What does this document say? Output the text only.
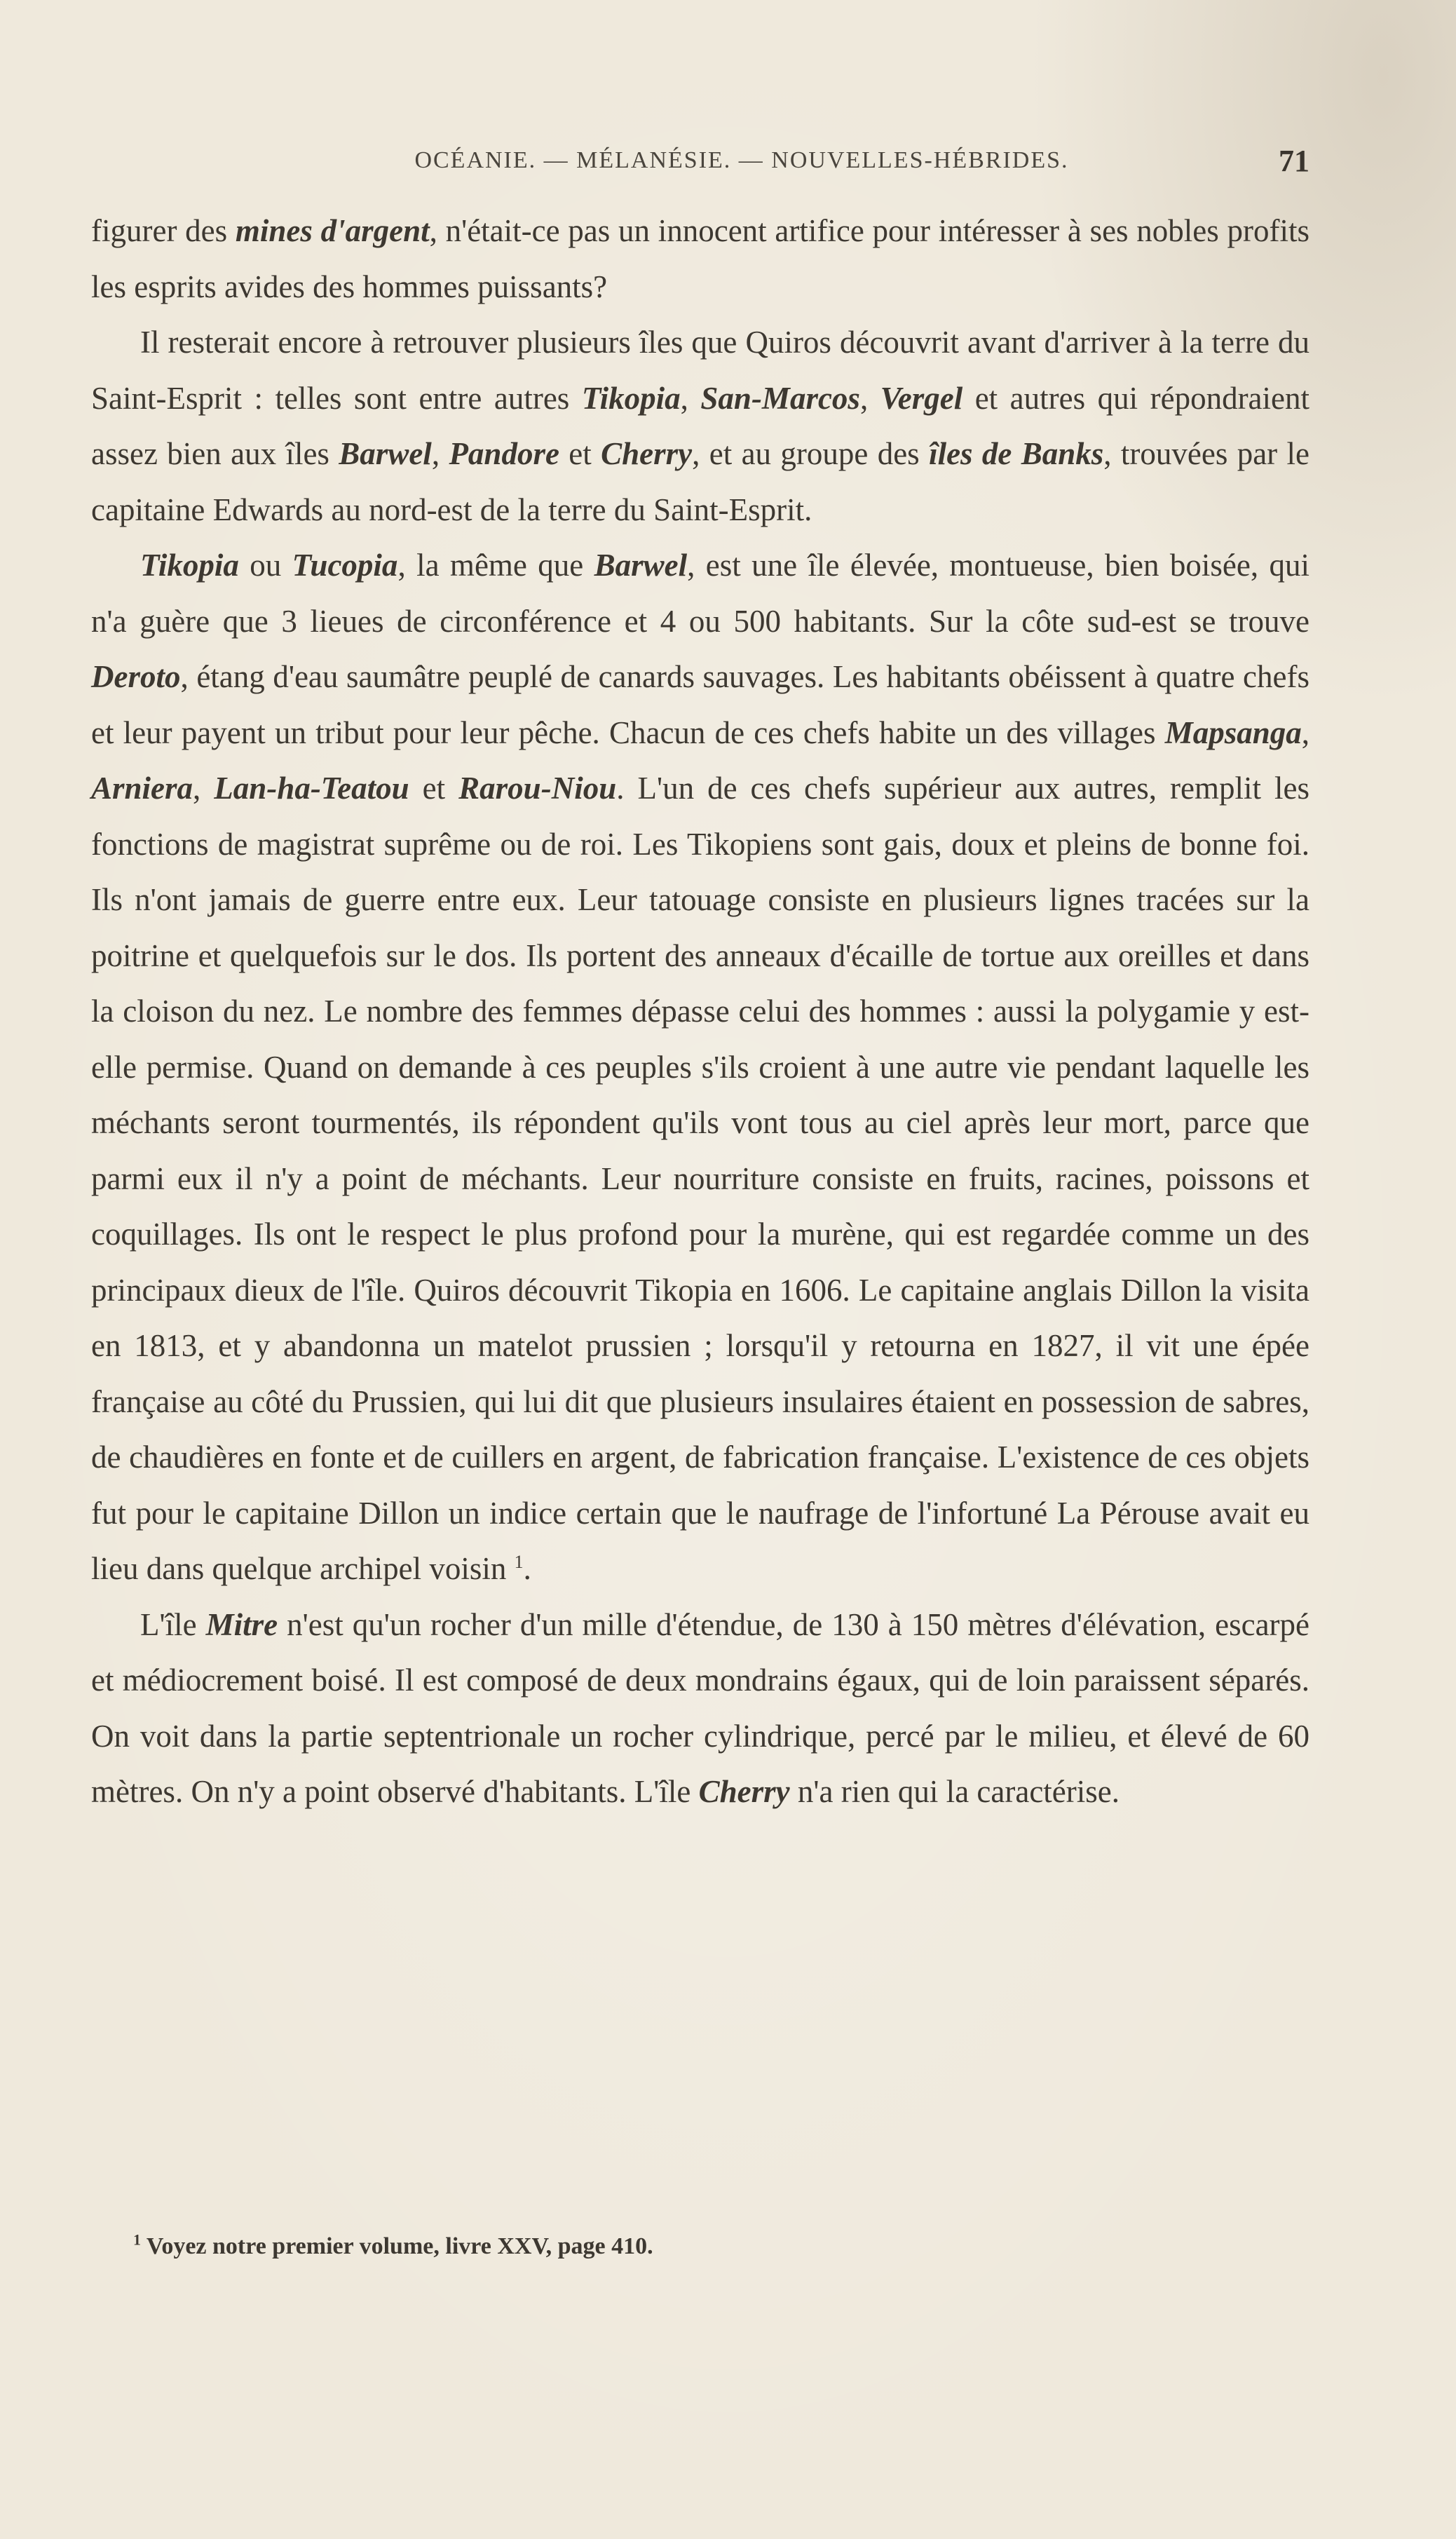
OCÉANIE. — MÉLANÉSIE. — NOUVELLES-HÉBRIDES.	71

figurer des mines d'argent, n'était-ce pas un innocent artifice pour intéresser à ses nobles profits les esprits avides des hommes puissants?

Il resterait encore à retrouver plusieurs îles que Quiros découvrit avant d'arriver à la terre du Saint-Esprit : telles sont entre autres Tikopia, San-Marcos, Vergel et autres qui répondraient assez bien aux îles Barwel, Pandore et Cherry, et au groupe des îles de Banks, trouvées par le capitaine Edwards au nord-est de la terre du Saint-Esprit.

Tikopia ou Tucopia, la même que Barwel, est une île élevée, montueuse, bien boisée, qui n'a guère que 3 lieues de circonférence et 4 ou 500 habitants. Sur la côte sud-est se trouve Deroto, étang d'eau saumâtre peuplé de canards sauvages. Les habitants obéissent à quatre chefs et leur payent un tribut pour leur pêche. Chacun de ces chefs habite un des villages Mapsanga, Arniera, Lan-ha-Teatou et Rarou-Niou. L'un de ces chefs supérieur aux autres, remplit les fonctions de magistrat suprême ou de roi. Les Tikopiens sont gais, doux et pleins de bonne foi. Ils n'ont jamais de guerre entre eux. Leur tatouage consiste en plusieurs lignes tracées sur la poitrine et quelquefois sur le dos. Ils portent des anneaux d'écaille de tortue aux oreilles et dans la cloison du nez. Le nombre des femmes dépasse celui des hommes : aussi la polygamie y est-elle permise. Quand on demande à ces peuples s'ils croient à une autre vie pendant laquelle les méchants seront tourmentés, ils répondent qu'ils vont tous au ciel après leur mort, parce que parmi eux il n'y a point de méchants. Leur nourriture consiste en fruits, racines, poissons et coquillages. Ils ont le respect le plus profond pour la murène, qui est regardée comme un des principaux dieux de l'île. Quiros découvrit Tikopia en 1606. Le capitaine anglais Dillon la visita en 1813, et y abandonna un matelot prussien ; lorsqu'il y retourna en 1827, il vit une épée française au côté du Prussien, qui lui dit que plusieurs insulaires étaient en possession de sabres, de chaudières en fonte et de cuillers en argent, de fabrication française. L'existence de ces objets fut pour le capitaine Dillon un indice certain que le naufrage de l'infortuné La Pérouse avait eu lieu dans quelque archipel voisin $^1$.

L'île Mitre n'est qu'un rocher d'un mille d'étendue, de 130 à 150 mètres d'élévation, escarpé et médiocrement boisé. Il est composé de deux mondrains égaux, qui de loin paraissent séparés. On voit dans la partie septentrionale un rocher cylindrique, percé par le milieu, et élevé de 60 mètres. On n'y a point observé d'habitants. L'île Cherry n'a rien qui la caractérise.

$^1$ Voyez notre premier volume, livre XXV, page 410.
